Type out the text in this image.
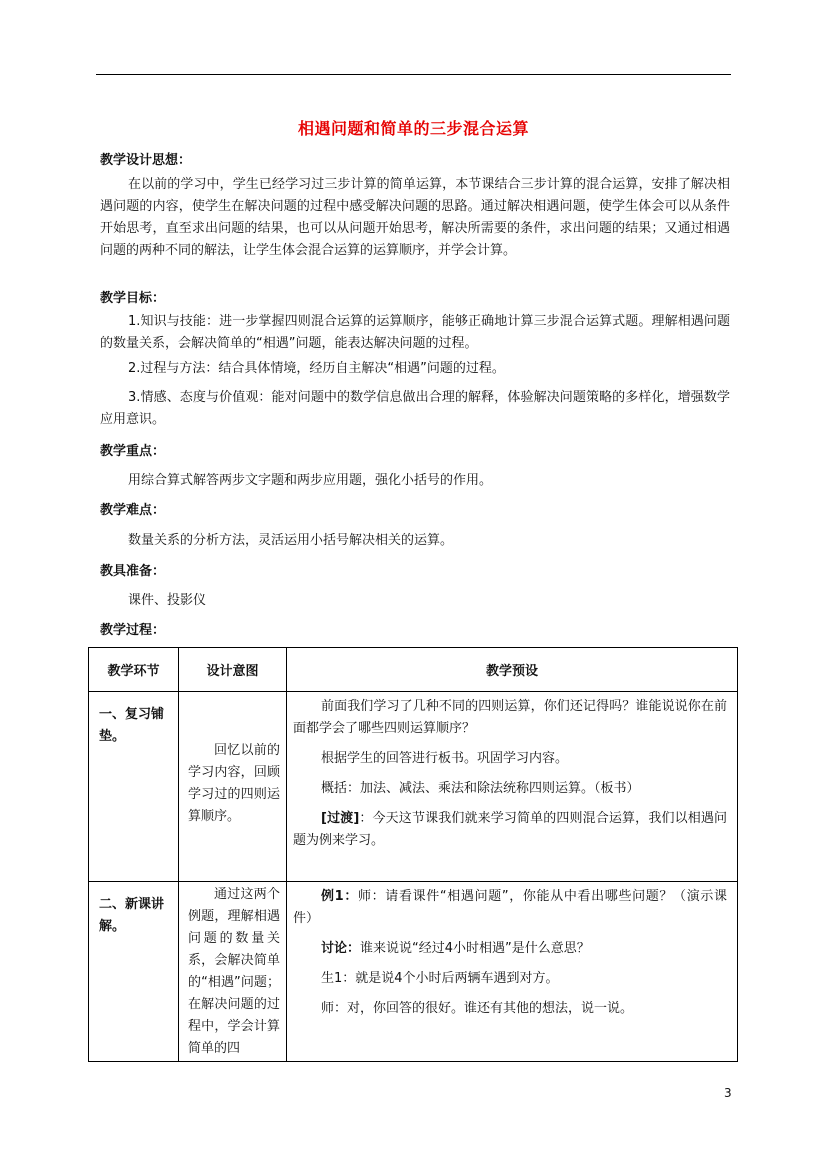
相遇问题和简单的三步混合运算
教学设计思想：
在以前的学习中，学生已经学习过三步计算的简单运算，本节课结合三步计算的混合运算，安排了解决相遇问题的内容，使学生在解决问题的过程中感受解决问题的思路。通过解决相遇问题，使学生体会可以从条件开始思考，直至求出问题的结果，也可以从问题开始思考，解决所需要的条件，求出问题的结果；又通过相遇问题的两种不同的解法，让学生体会混合运算的运算顺序，并学会计算。
教学目标：
1.知识与技能：进一步掌握四则混合运算的运算顺序，能够正确地计算三步混合运算式题。理解相遇问题的数量关系，会解决简单的“相遇”问题，能表达解决问题的过程。
2.过程与方法：结合具体情境，经历自主解决“相遇”问题的过程。
3.情感、态度与价值观：能对问题中的数学信息做出合理的解释，体验解决问题策略的多样化，增强数学应用意识。
教学重点：
用综合算式解答两步文字题和两步应用题，强化小括号的作用。
教学难点：
数量关系的分析方法，灵活运用小括号解决相关的运算。
教具准备：
课件、投影仪
教学过程：
教学环节	设计意图	教学预设
一、复习铺垫。	回忆以前的学习内容，回顾学习过的四则运算顺序。	前面我们学习了几种不同的四则运算，你们还记得吗？谁能说说你在前面都学会了哪些四则运算顺序？

根据学生的回答进行板书。巩固学习内容。

概括：加法、减法、乘法和除法统称四则运算。（板书）

[过渡]：今天这节课我们就来学习简单的四则混合运算，我们以相遇问题为例来学习。

二、新课讲解。	通过这两个例题，理解相遇问题的数量关系，会解决简单的“相遇”问题；在解决问题的过程中，学会计算简单的四	例1：师：请看课件“相遇问题”，你能从中看出哪些问题？（演示课件）

讨论：谁来说说“经过4小时相遇”是什么意思？

生1：就是说4个小时后两辆车遇到对方。

师：对，你回答的很好。谁还有其他的想法，说一说。

3
